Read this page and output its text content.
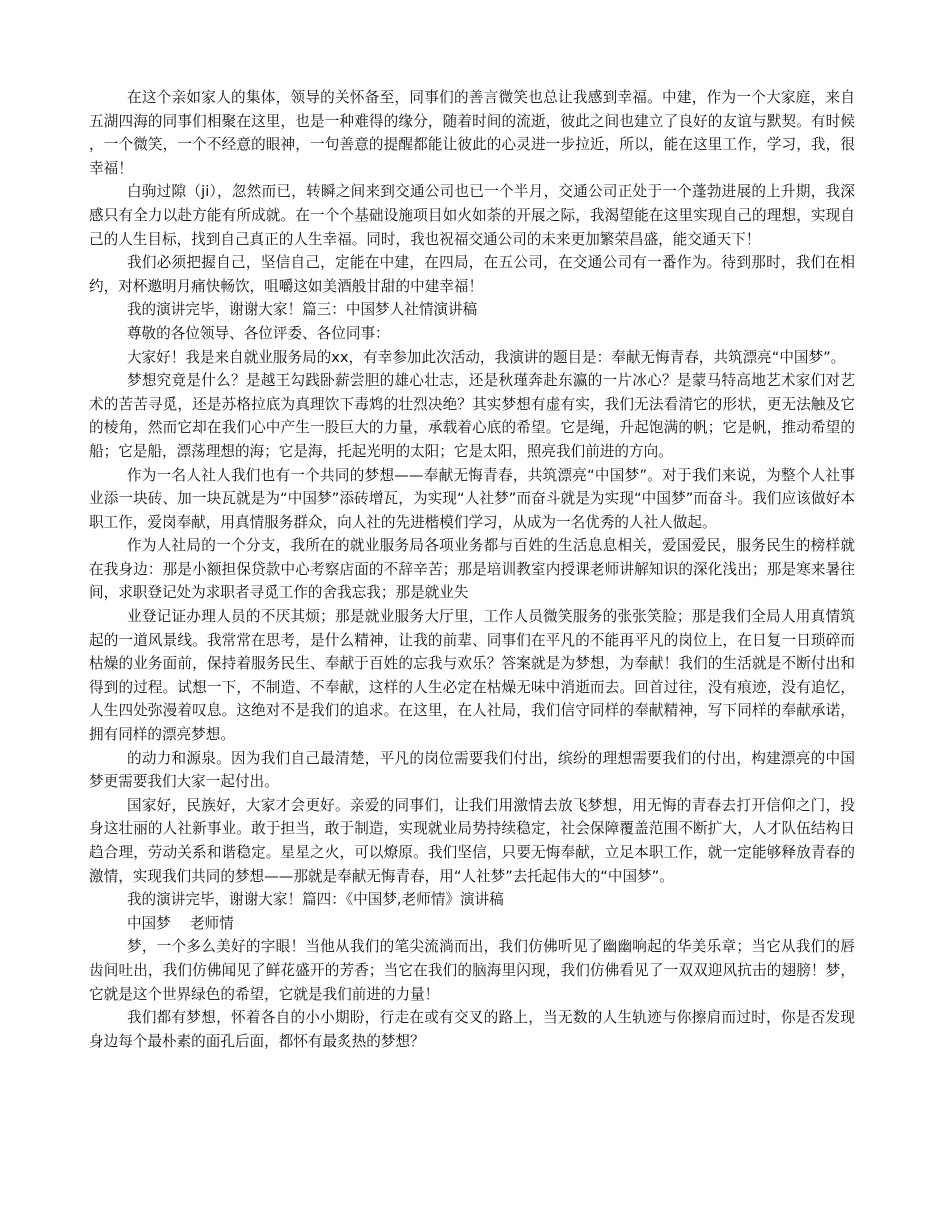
在这个亲如家人的集体，领导的关怀备至，同事们的善言微笑也总让我感到幸福。中建，作为一个大家庭，来自五湖四海的同事们相聚在这里，也是一种难得的缘分，随着时间的流逝，彼此之间也建立了良好的友谊与默契。有时候，一个微笑，一个不经意的眼神，一句善意的提醒都能让彼此的心灵进一步拉近，所以，能在这里工作，学习，我，很幸福！

白驹过隙（ji），忽然而已，转瞬之间来到交通公司也已一个半月，交通公司正处于一个蓬勃进展的上升期，我深感只有全力以赴方能有所成就。在一个个基础设施项目如火如荼的开展之际，我渴望能在这里实现自己的理想，实现自己的人生目标，找到自己真正的人生幸福。同时，我也祝福交通公司的未来更加繁荣昌盛，能交通天下！

我们必须把握自己，坚信自己，定能在中建，在四局，在五公司，在交通公司有一番作为。待到那时，我们在相约，对杯邀明月痛快畅饮，咀嚼这如美酒般甘甜的中建幸福！

我的演讲完毕，谢谢大家！篇三：中国梦人社情演讲稿

尊敬的各位领导、各位评委、各位同事：

大家好！我是来自就业服务局的xx，有幸参加此次活动，我演讲的题目是：奉献无悔青春，共筑漂亮“中国梦”。

梦想究竟是什么？是越王勾践卧薪尝胆的雄心壮志，还是秋瑾奔赴东瀛的一片冰心？是蒙马特高地艺术家们对艺术的苦苦寻觅，还是苏格拉底为真理饮下毒鸩的壮烈决绝？其实梦想有虚有实，我们无法看清它的形状，更无法触及它的棱角，然而它却在我们心中产生一股巨大的力量，承载着心底的希望。它是绳，升起饱满的帆；它是帆，推动希望的船；它是船，漂荡理想的海；它是海，托起光明的太阳；它是太阳，照亮我们前进的方向。

作为一名人社人我们也有一个共同的梦想——奉献无悔青春，共筑漂亮“中国梦”。对于我们来说，为整个人社事业添一块砖、加一块瓦就是为“中国梦”添砖增瓦，为实现“人社梦”而奋斗就是为实现“中国梦”而奋斗。我们应该做好本职工作，爱岗奉献，用真情服务群众，向人社的先进楷模们学习，从成为一名优秀的人社人做起。

作为人社局的一个分支，我所在的就业服务局各项业务都与百姓的生活息息相关，爱国爱民，服务民生的榜样就在我身边：那是小额担保贷款中心考察店面的不辞辛苦；那是培训教室内授课老师讲解知识的深化浅出；那是寒来暑往间，求职登记处为求职者寻觅工作的舍我忘我；那是就业失

业登记证办理人员的不厌其烦；那是就业服务大厅里，工作人员微笑服务的张张笑脸；那是我们全局人用真情筑起的一道风景线。我常常在思考，是什么精神，让我的前辈、同事们在平凡的不能再平凡的岗位上，在日复一日琐碎而枯燥的业务面前，保持着服务民生、奉献于百姓的忘我与欢乐？答案就是为梦想，为奉献！我们的生活就是不断付出和得到的过程。试想一下，不制造、不奉献，这样的人生必定在枯燥无味中消逝而去。回首过往，没有痕迹，没有追忆，人生四处弥漫着叹息。这绝对不是我们的追求。在这里，在人社局，我们信守同样的奉献精神，写下同样的奉献承诺，拥有同样的漂亮梦想。

的动力和源泉。因为我们自己最清楚，平凡的岗位需要我们付出，缤纷的理想需要我们的付出，构建漂亮的中国梦更需要我们大家一起付出。

国家好，民族好，大家才会更好。亲爱的同事们，让我们用激情去放飞梦想，用无悔的青春去打开信仰之门，投身这壮丽的人社新事业。敢于担当，敢于制造，实现就业局势持续稳定，社会保障覆盖范围不断扩大，人才队伍结构日趋合理，劳动关系和谐稳定。星星之火，可以燎原。我们坚信，只要无悔奉献，立足本职工作，就一定能够释放青春的激情，实现我们共同的梦想——那就是奉献无悔青春，用“人社梦”去托起伟大的“中国梦”。

我的演讲完毕，谢谢大家！篇四：《中国梦,老师情》演讲稿

中国梦　 老师情

梦，一个多么美好的字眼！当他从我们的笔尖流淌而出，我们仿佛听见了幽幽响起的华美乐章；当它从我们的唇齿间吐出，我们仿佛闻见了鲜花盛开的芳香；当它在我们的脑海里闪现，我们仿佛看见了一双双迎风抗击的翅膀！梦，它就是这个世界绿色的希望，它就是我们前进的力量！

我们都有梦想，怀着各自的小小期盼，行走在或有交叉的路上，当无数的人生轨迹与你擦肩而过时，你是否发现身边每个最朴素的面孔后面，都怀有最炙热的梦想？
